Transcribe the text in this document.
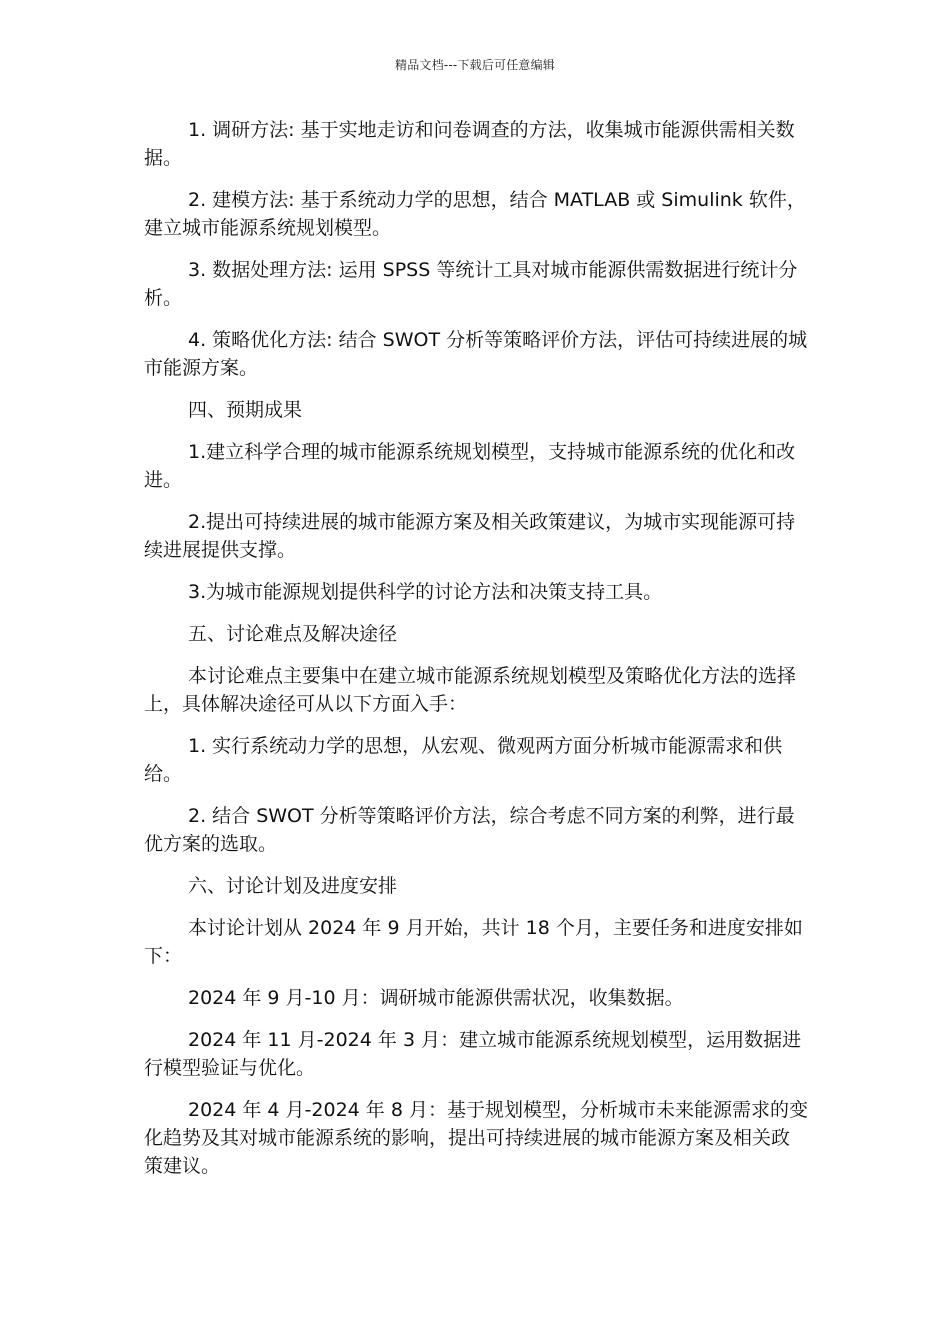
精品文档---下载后可任意编辑

1. 调研方法: 基于实地走访和问卷调查的方法，收集城市能源供需相关数据。

2. 建模方法: 基于系统动力学的思想，结合 MATLAB 或 Simulink 软件，建立城市能源系统规划模型。

3. 数据处理方法: 运用 SPSS 等统计工具对城市能源供需数据进行统计分析。

4. 策略优化方法: 结合 SWOT 分析等策略评价方法，评估可持续进展的城市能源方案。

四、预期成果

1.建立科学合理的城市能源系统规划模型，支持城市能源系统的优化和改进。

2.提出可持续进展的城市能源方案及相关政策建议，为城市实现能源可持续进展提供支撑。

3.为城市能源规划提供科学的讨论方法和决策支持工具。

五、讨论难点及解决途径

本讨论难点主要集中在建立城市能源系统规划模型及策略优化方法的选择上，具体解决途径可从以下方面入手：

1. 实行系统动力学的思想，从宏观、微观两方面分析城市能源需求和供给。

2. 结合 SWOT 分析等策略评价方法，综合考虑不同方案的利弊，进行最优方案的选取。

六、讨论计划及进度安排

本讨论计划从 2024 年 9 月开始，共计 18 个月，主要任务和进度安排如下：

2024 年 9 月-10 月：调研城市能源供需状况，收集数据。

2024 年 11 月-2024 年 3 月：建立城市能源系统规划模型，运用数据进行模型验证与优化。

2024 年 4 月-2024 年 8 月：基于规划模型，分析城市未来能源需求的变化趋势及其对城市能源系统的影响，提出可持续进展的城市能源方案及相关政策建议。
